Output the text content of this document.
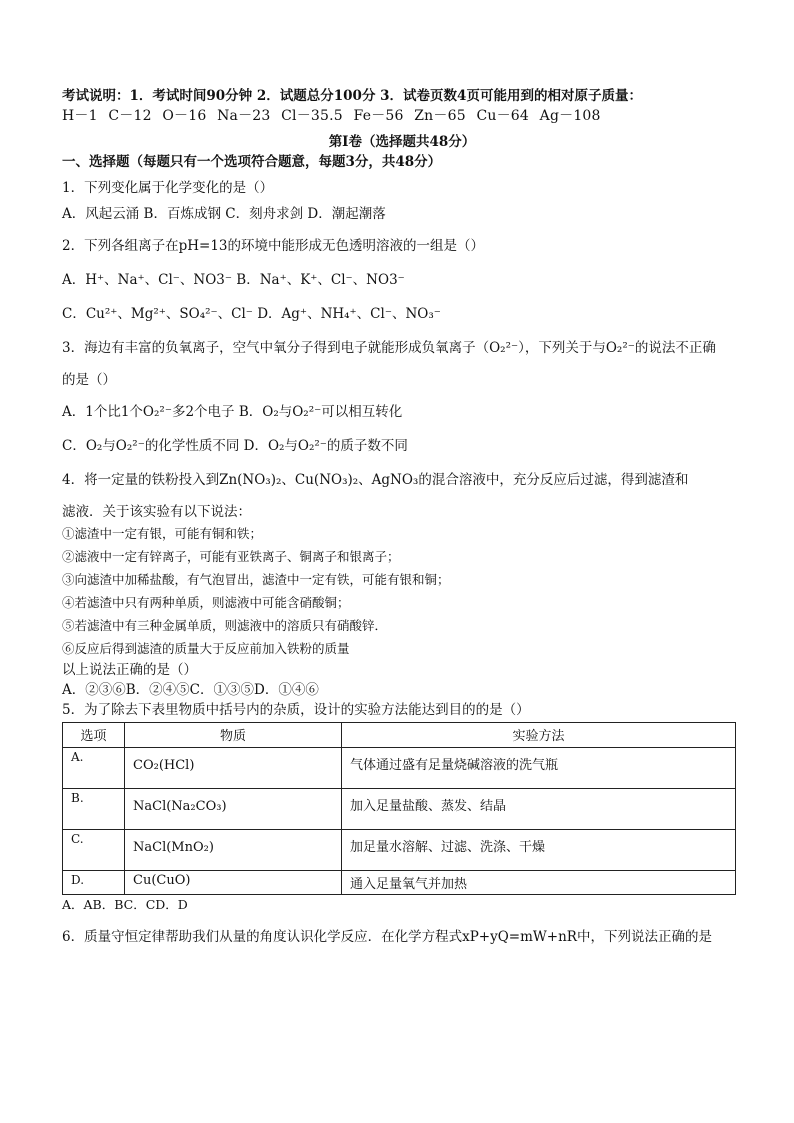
考试说明：1．考试时间90分钟 2．试题总分100分 3．试卷页数4页可能用到的相对原子质量：
H－1 C－12 O－16 Na－23 Cl－35.5 Fe－56 Zn－65 Cu－64 Ag－108
第Ⅰ卷（选择题共48分）
一、选择题（每题只有一个选项符合题意，每题3分，共48分）
1．下列变化属于化学变化的是（）
A．风起云涌 B．百炼成钢 C．刻舟求剑 D．潮起潮落
2．下列各组离子在pH=13的环境中能形成无色透明溶液的一组是（）
A．H⁺、Na⁺、Cl⁻、NO3⁻ B．Na⁺、K⁺、Cl⁻、NO3⁻
C．Cu²⁺、Mg²⁺、SO₄²⁻、Cl⁻ D．Ag⁺、NH₄⁺、Cl⁻、NO₃⁻
3．海边有丰富的负氧离子，空气中氧分子得到电子就能形成负氧离子（O₂²⁻），下列关于与O₂²⁻的说法不正确
的是（）
A．1个比1个O₂²⁻多2个电子 B．O₂与O₂²⁻可以相互转化
C．O₂与O₂²⁻的化学性质不同 D．O₂与O₂²⁻的质子数不同
4．将一定量的铁粉投入到Zn(NO₃)₂、Cu(NO₃)₂、AgNO₃的混合溶液中，充分反应后过滤，得到滤渣和
滤液．关于该实验有以下说法：
①滤渣中一定有银，可能有铜和铁；
②滤液中一定有锌离子，可能有亚铁离子、铜离子和银离子；
③向滤渣中加稀盐酸，有气泡冒出，滤渣中一定有铁，可能有银和铜；
④若滤渣中只有两种单质，则滤液中可能含硝酸铜；
⑤若滤渣中有三种金属单质，则滤液中的溶质只有硝酸锌．
⑥反应后得到滤渣的质量大于反应前加入铁粉的质量
以上说法正确的是（）
A．②③⑥B．②④⑤C．①③⑤D．①④⑥
5．为了除去下表里物质中括号内的杂质，设计的实验方法能达到目的的是（）
选项	物质	实验方法
A.	CO₂(HCl)	气体通过盛有足量烧碱溶液的洗气瓶
B.	NaCl(Na₂CO₃)	加入足量盐酸、蒸发、结晶
C.	NaCl(MnO₂)	加足量水溶解、过滤、洗涤、干燥
D.	Cu(CuO)	通入足量氧气并加热
A．AB．BC．CD．D
6．质量守恒定律帮助我们从量的角度认识化学反应．在化学方程式xP+yQ=mW+nR中，下列说法正确的是
